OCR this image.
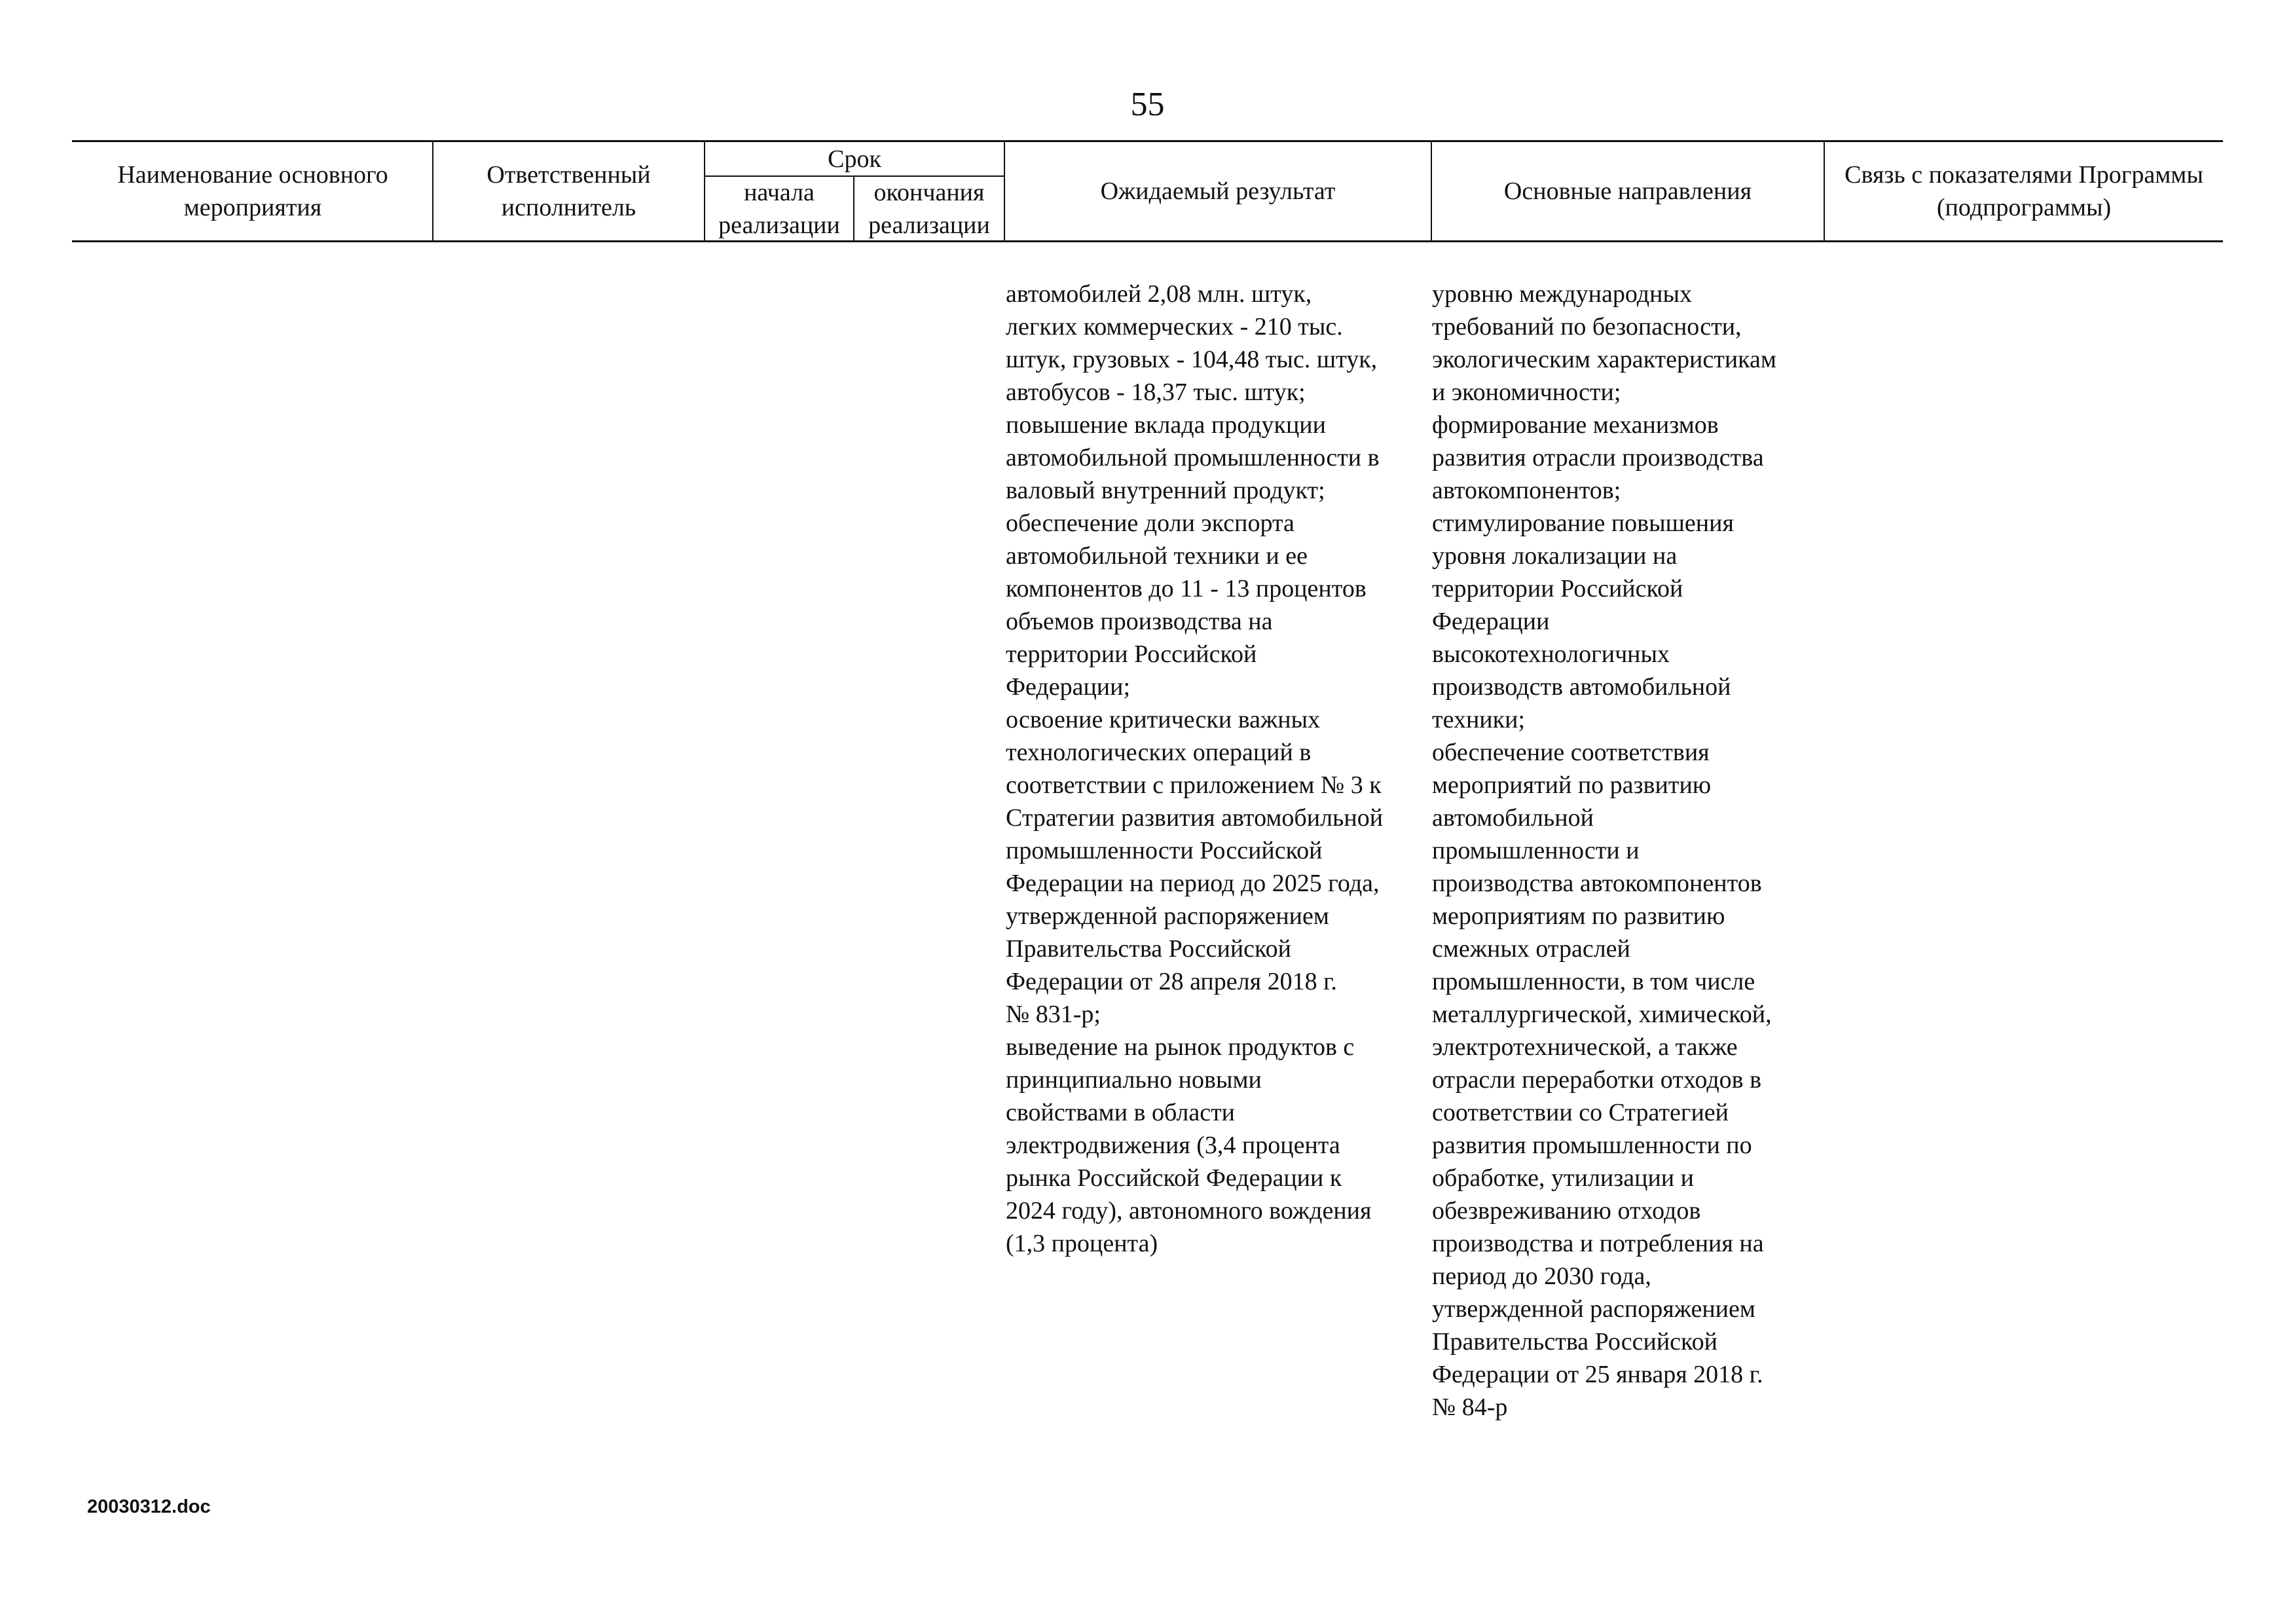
55
Наименование основного мероприятия
Ответственный исполнитель
Срок
начала реализации
окончания реализации
Ожидаемый результат	Основные направления
Связь с показателями Программы (подпрограммы)
автомобилей 2,08 млн. штук,
легких коммерческих - 210 тыс.
штук, грузовых - 104,48 тыс. штук,
автобусов - 18,37 тыс. штук;
повышение вклада продукции
автомобильной промышленности в
валовый внутренний продукт;
обеспечение доли экспорта
автомобильной техники и ее
компонентов до 11 - 13 процентов
объемов производства на
территории Российской
Федерации;
освоение критически важных
технологических операций в
соответствии с приложением № 3 к
Стратегии развития автомобильной
промышленности Российской
Федерации на период до 2025 года,
утвержденной распоряжением
Правительства Российской
Федерации от 28 апреля 2018 г.
№ 831-р;
выведение на рынок продуктов с
принципиально новыми
свойствами в области
электродвижения (3,4 процента
рынка Российской Федерации к
2024 году), автономного вождения
(1,3 процента)
уровню международных
требований по безопасности,
экологическим характеристикам
и экономичности;
формирование механизмов
развития отрасли производства
автокомпонентов;
стимулирование повышения
уровня локализации на
территории Российской
Федерации
высокотехнологичных
производств автомобильной
техники;
обеспечение соответствия
мероприятий по развитию
автомобильной
промышленности и
производства автокомпонентов
мероприятиям по развитию
смежных отраслей
промышленности, в том числе
металлургической, химической,
электротехнической, а также
отрасли переработки отходов в
соответствии со Стратегией
развития промышленности по
обработке, утилизации и
обезвреживанию отходов
производства и потребления на
период до 2030 года,
утвержденной распоряжением
Правительства Российской
Федерации от 25 января 2018 г.
№ 84-р
20030312.doc
